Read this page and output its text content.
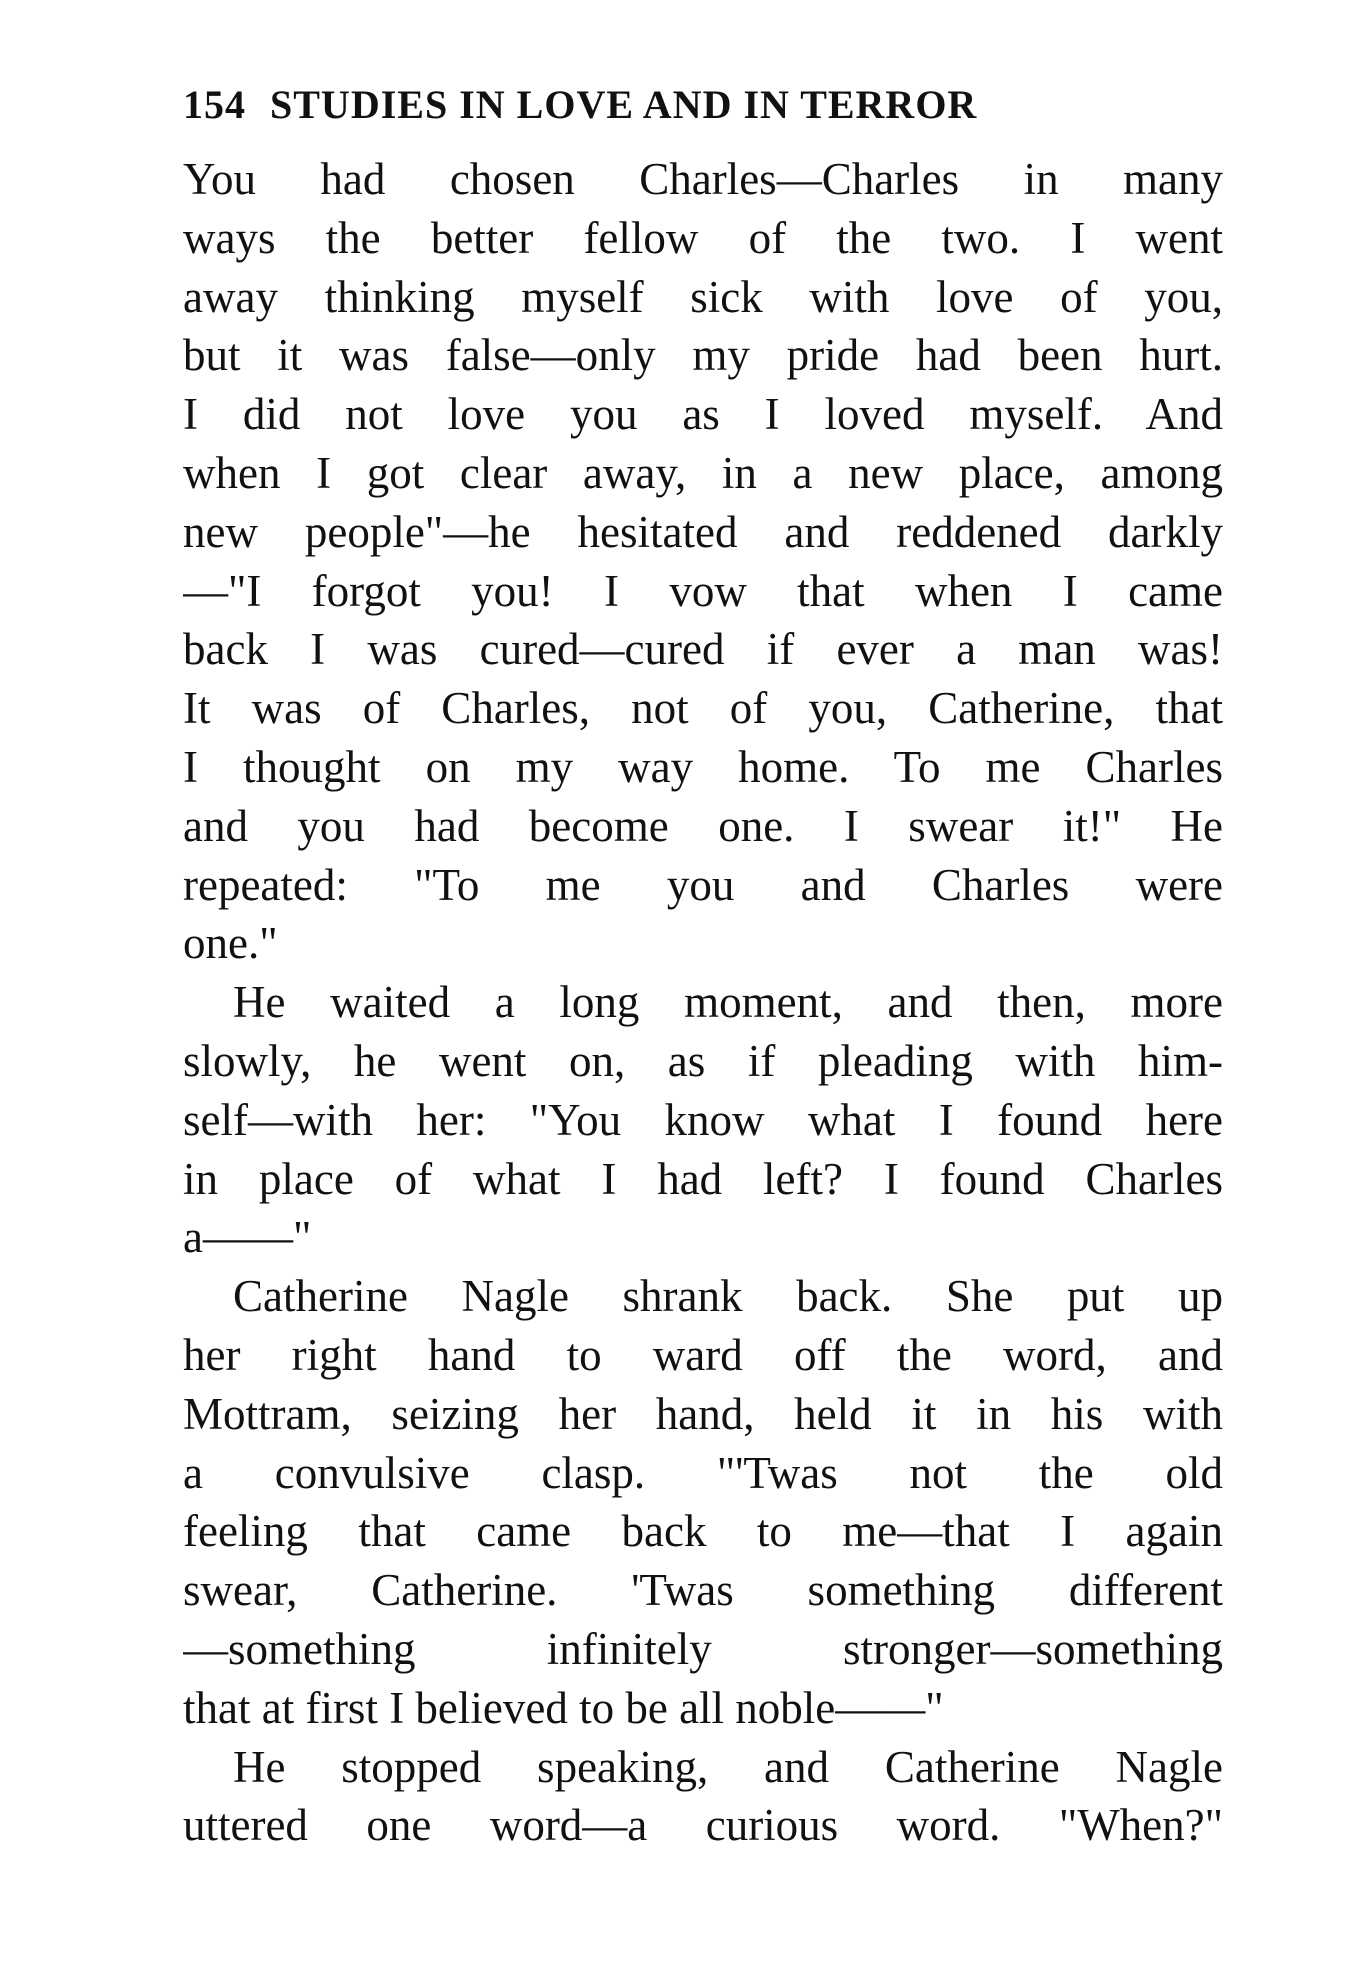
154 STUDIES IN LOVE AND IN TERROR
You had chosen Charles—Charles in many
ways the better fellow of the two. I went
away thinking myself sick with love of you,
but it was false—only my pride had been hurt.
I did not love you as I loved myself. And
when I got clear away, in a new place, among
new people"—he hesitated and reddened darkly
—"I forgot you! I vow that when I came
back I was cured—cured if ever a man was!
It was of Charles, not of you, Catherine, that
I thought on my way home. To me Charles
and you had become one. I swear it!" He
repeated: "To me you and Charles were
one."
He waited a long moment, and then, more
slowly, he went on, as if pleading with him-
self—with her: "You know what I found here
in place of what I had left? I found Charles
a——"
Catherine Nagle shrank back. She put up
her right hand to ward off the word, and
Mottram, seizing her hand, held it in his with
a convulsive clasp. "'Twas not the old
feeling that came back to me—that I again
swear, Catherine. 'Twas something different
—something infinitely stronger—something
that at first I believed to be all noble——"
He stopped speaking, and Catherine Nagle
uttered one word—a curious word. "When?"
